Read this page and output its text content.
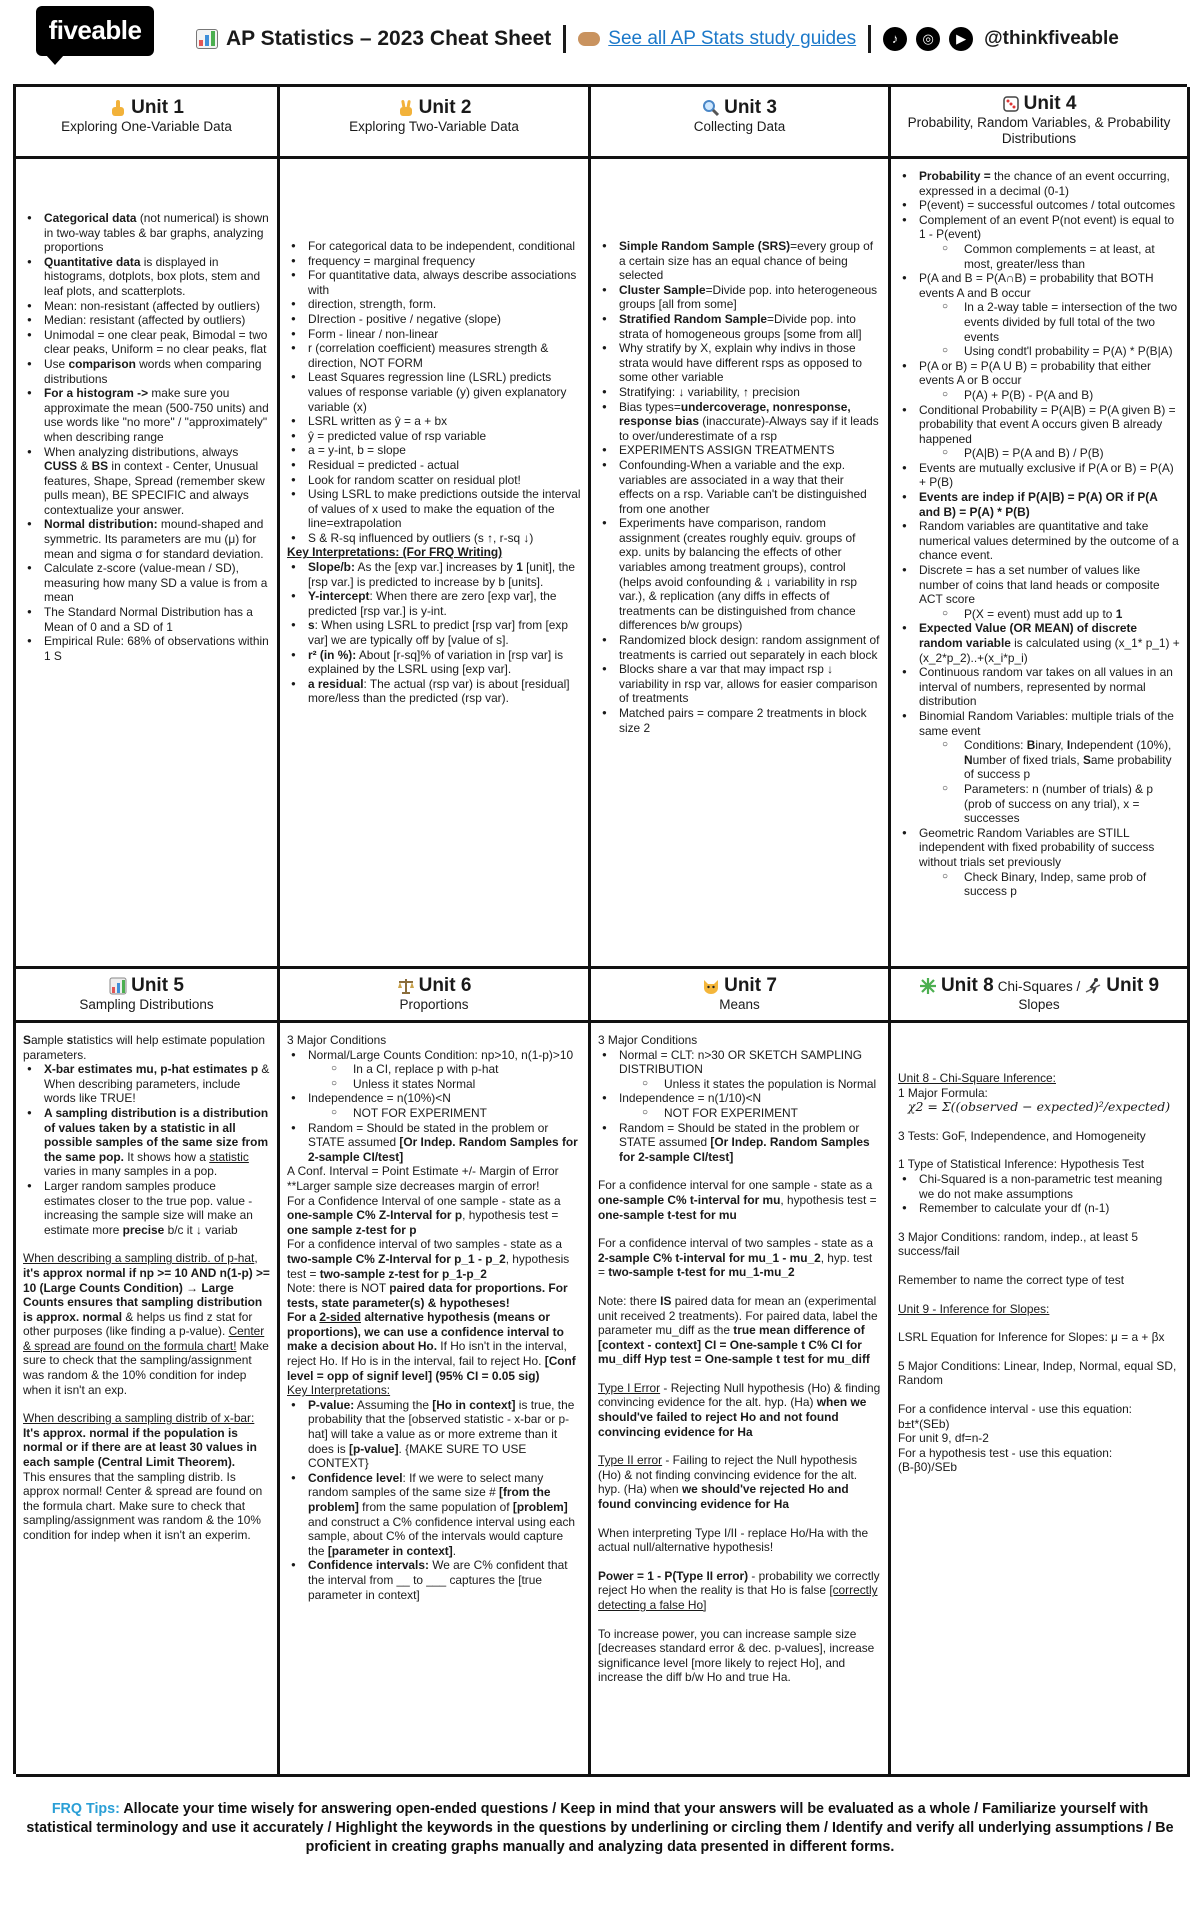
fiveable	AP Statistics – 2023 Cheat Sheet	See all AP Stats study guides	♪	◎	▶ @thinkfiveable
Unit 1
Exploring One-Variable Data
● Categorical data (not numerical) is shown in two-way tables & bar graphs, analyzing proportions
● Quantitative data is displayed in histograms, dotplots, box plots, stem and leaf plots, and scatterplots.
● Mean: non-resistant (affected by outliers)
● Median: resistant (affected by outliers)
● Unimodal = one clear peak, Bimodal = two clear peaks, Uniform = no clear peaks, flat
● Use comparison words when comparing distributions
● For a histogram -> make sure you approximate the mean (500-750 units) and use words like "no more" / "approximately" when describing range
● When analyzing distributions, always CUSS & BS in context - Center, Unusual features, Shape, Spread (remember skew pulls mean), BE SPECIFIC and always contextualize your answer.
● Normal distribution: mound-shaped and symmetric. Its parameters are mu (μ) for mean and sigma σ for standard deviation.
● Calculate z-score (value-mean / SD), measuring how many SD a value is from a mean
● The Standard Normal Distribution has a Mean of 0 and a SD of 1
● Empirical Rule: 68% of observations within 1 S
Unit 2
Exploring Two-Variable Data
● For categorical data to be independent, conditional
● frequency = marginal frequency
● For quantitative data, always describe associations with
● direction, strength, form.
● DIrection - positive / negative (slope)
● Form - linear / non-linear
● r (correlation coefficient) measures strength & direction, NOT FORM
● Least Squares regression line (LSRL) predicts values of response variable (y) given explanatory variable (x)
● LSRL written as ŷ = a + bx
● ŷ = predicted value of rsp variable
● a = y-int, b = slope
● Residual = predicted - actual
● Look for random scatter on residual plot!
● Using LSRL to make predictions outside the interval of values of x used to make the equation of the line=extrapolation
● S & R-sq influenced by outliers (s ↑, r-sq ↓)

Key Interpretations: (For FRQ Writing)

● Slope/b: As the [exp var.] increases by 1 [unit], the [rsp var.] is predicted to increase by b [units].
● Y-intercept: When there are zero [exp var], the predicted [rsp var.] is y-int.
● s: When using LSRL to predict [rsp var] from [exp var] we are typically off by [value of s].
● r² (in %): About [r-sq]% of variation in [rsp var] is explained by the LSRL using [exp var].
● a residual: The actual (rsp var) is about [residual] more/less than the predicted (rsp var).
Unit 3
Collecting Data
● Simple Random Sample (SRS)=every group of a certain size has an equal chance of being selected
● Cluster Sample=Divide pop. into heterogeneous groups [all from some]
● Stratified Random Sample=Divide pop. into strata of homogeneous groups [some from all]
● Why stratify by X, explain why indivs in those strata would have different rsps as opposed to some other variable
● Stratifying: ↓ variability, ↑ precision
● Bias types=undercoverage, nonresponse, response bias (inaccurate)-Always say if it leads to over/underestimate of a rsp
● EXPERIMENTS ASSIGN TREATMENTS
● Confounding-When a variable and the exp. variables are associated in a way that their effects on a rsp. Variable can't be distinguished from one another
● Experiments have comparison, random assignment (creates roughly equiv. groups of exp. units by balancing the effects of other variables among treatment groups), control (helps avoid confounding & ↓ variability in rsp var.), & replication (any diffs in effects of treatments can be distinguished from chance differences b/w groups)
● Randomized block design: random assignment of treatments is carried out separately in each block
● Blocks share a var that may impact rsp ↓ variability in rsp var, allows for easier comparison of treatments
● Matched pairs = compare 2 treatments in block size 2
Unit 4
Probability, Random Variables, & Probability Distributions
● Probability = the chance of an event occurring, expressed in a decimal (0-1)
● P(event) = successful outcomes / total outcomes
● Complement of an event P(not event) is equal to 1 - P(event)
○ Common complements = at least, at most, greater/less than
● P(A and B = P(A∩B) = probability that BOTH events A and B occur
○ In a 2-way table = intersection of the two events divided by full total of the two events
○ Using condt'l probability = P(A) * P(B|A)
● P(A or B) = P(A U B) = probability that either events A or B occur
○ P(A) + P(B) - P(A and B)
● Conditional Probability = P(A|B) = P(A given B) = probability that event A occurs given B already happened
○ P(A|B) = P(A and B) / P(B)
● Events are mutually exclusive if P(A or B) = P(A) + P(B)
● Events are indep if P(A|B) = P(A) OR if P(A and B) = P(A) * P(B)
● Random variables are quantitative and take numerical values determined by the outcome of a chance event.
● Discrete = has a set number of values like number of coins that land heads or composite ACT score
○ P(X = event) must add up to 1
● Expected Value (OR MEAN) of discrete random variable is calculated using (x_1* p_1) + (x_2*p_2)..+(x_i*p_i)
● Continuous random var takes on all values in an interval of numbers, represented by normal distribution
● Binomial Random Variables: multiple trials of the same event
○ Conditions: Binary, Independent (10%), Number of fixed trials, Same probability of success p
○ Parameters: n (number of trials) & p (prob of success on any trial), x = successes
● Geometric Random Variables are STILL independent with fixed probability of success without trials set previously
○ Check Binary, Indep, same prob of success p
Unit 5
Sampling Distributions

Sample statistics will help estimate population parameters.

● X-bar estimates mu, p-hat estimates p & When describing parameters, include words like TRUE!
● A sampling distribution is a distribution of values taken by a statistic in all possible samples of the same size from the same pop. It shows how a statistic varies in many samples in a pop.
● Larger random samples produce estimates closer to the true pop. value - increasing the sample size will make an estimate more precise b/c it ↓ variab

When describing a sampling distrib. of p-hat, it's approx normal if np >= 10 AND n(1-p) >= 10 (Large Counts Condition) → Large Counts ensures that sampling distribution is approx. normal & helps us find z stat for other purposes (like finding a p-value). Center & spread are found on the formula chart! Make sure to check that the sampling/assignment was random & the 10% condition for indep when it isn't an exp.

When describing a sampling distrib of x-bar:

It's approx. normal if the population is normal or if there are at least 30 values in each sample (Central Limit Theorem).

This ensures that the sampling distrib. Is approx normal! Center & spread are found on the formula chart. Make sure to check that sampling/assignment was random & the 10% condition for indep when it isn't an experim.

Unit 6
Proportions

3 Major Conditions

● Normal/Large Counts Condition: np>10, n(1-p)>10
○ In a CI, replace p with p-hat
○ Unless it states Normal
● Independence = n(10%)<N
○ NOT FOR EXPERIMENT
● Random = Should be stated in the problem or STATE assumed [Or Indep. Random Samples for 2-sample CI/test]

A Conf. Interval = Point Estimate +/- Margin of Error

**Larger sample size decreases margin of error!

For a Confidence Interval of one sample - state as a one-sample C% Z-Interval for p, hypothesis test = one sample z-test for p

For a confidence interval of two samples - state as a two-sample C% Z-Interval for p_1 - p_2, hypothesis test = two-sample z-test for p_1-p_2

Note: there is NOT paired data for proportions. For tests, state parameter(s) & hypotheses!

For a 2-sided alternative hypothesis (means or proportions), we can use a confidence interval to make a decision about Ho. If Ho isn't in the interval, reject Ho. If Ho is in the interval, fail to reject Ho. [Conf level = opp of signif level] (95% CI = 0.05 sig)

Key Interpretations:

● P-value: Assuming the [Ho in context] is true, the probability that the [observed statistic - x-bar or p-hat] will take a value as or more extreme than it does is [p-value]. {MAKE SURE TO USE CONTEXT}
● Confidence level: If we were to select many random samples of the same size # [from the problem] from the same population of [problem] and construct a C% confidence interval using each sample, about C% of the intervals would capture the [parameter in context].
● Confidence intervals: We are C% confident that the interval from __ to ___ captures the [true parameter in context]
Unit 7
Means

3 Major Conditions

● Normal = CLT: n>30 OR SKETCH SAMPLING DISTRIBUTION
○ Unless it states the population is Normal
● Independence = n(1/10)<N
○ NOT FOR EXPERIMENT
● Random = Should be stated in the problem or STATE assumed [Or Indep. Random Samples for 2-sample CI/test]

For a confidence interval for one sample - state as a one-sample C% t-interval for mu, hypothesis test = one-sample t-test for mu

For a confidence interval of two samples - state as a 2-sample C% t-interval for mu_1 - mu_2, hyp. test = two-sample t-test for mu_1-mu_2

Note: there IS paired data for mean an (experimental unit received 2 treatments). For paired data, label the parameter mu_diff as the true mean difference of [context - context] CI = One-sample t C% CI for mu_diff Hyp test = One-sample t test for mu_diff

Type I Error - Rejecting Null hypothesis (Ho) & finding convincing evidence for the alt. hyp. (Ha) when we should've failed to reject Ho and not found convincing evidence for Ha

Type II error - Failing to reject the Null hypothesis (Ho) & not finding convincing evidence for the alt. hyp. (Ha) when we should've rejected Ho and found convincing evidence for Ha

When interpreting Type I/II - replace Ho/Ha with the actual null/alternative hypothesis!

Power = 1 - P(Type II error) - probability we correctly reject Ho when the reality is that Ho is false [correctly detecting a false Ho]

To increase power, you can increase sample size [decreases standard error & dec. p-values], increase significance level [more likely to reject Ho], and increase the diff b/w Ho and true Ha.

Unit 8 Chi-Squares / Unit 9
Slopes

Unit 8 - Chi-Square Inference:

1 Major Formula:

χ2 = Σ((observed − expected)²/expected)

3 Tests: GoF, Independence, and Homogeneity

1 Type of Statistical Inference: Hypothesis Test

● Chi-Squared is a non-parametric test meaning we do not make assumptions
● Remember to calculate your df (n-1)

3 Major Conditions: random, indep., at least 5 success/fail

Remember to name the correct type of test

Unit 9 - Inference for Slopes:

LSRL Equation for Inference for Slopes: μ = a + βx

5 Major Conditions: Linear, Indep, Normal, equal SD, Random

For a confidence interval - use this equation:

b±t*(SEb)

For unit 9, df=n-2

For a hypothesis test - use this equation:

(B-β0)/SEb

FRQ Tips: Allocate your time wisely for answering open-ended questions / Keep in mind that your answers will be evaluated as a whole / Familiarize yourself with statistical terminology and use it accurately / Highlight the keywords in the questions by underlining or circling them / Identify and verify all underlying assumptions / Be proficient in creating graphs manually and analyzing data presented in different forms.
